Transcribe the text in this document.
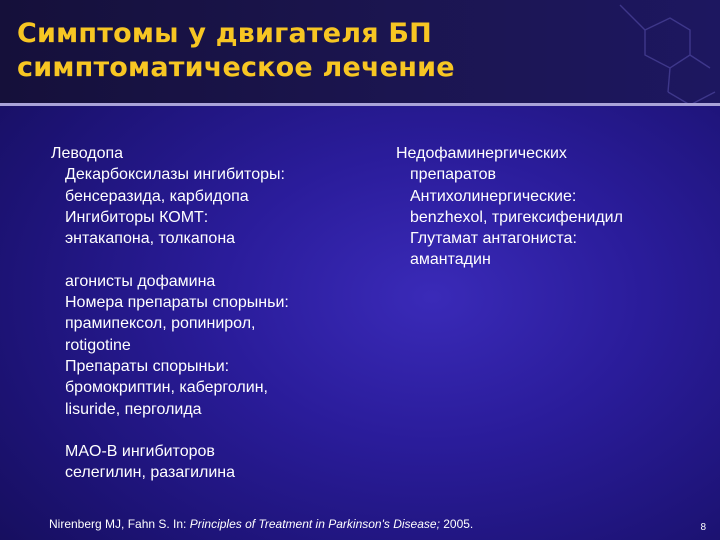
Симптомы у двигателя БП
симптоматическое лечение
Леводопа
Декарбоксилазы ингибиторы:
бенсеразида, карбидопа
Ингибиторы КОМТ:
энтакапона, толкапона
агонисты дофамина
Номера препараты спорыньи:
прамипексол, ропинирол,
rotigotine
Препараты спорыньи:
бромокриптин, каберголин,
lisuride, перголида
MAO-B ингибиторов
селегилин, разагилина
Недофаминергических
препаратов
Антихолинергические:
benzhexol, тригексифенидил
Глутамат антагониста:
амантадин
Nirenberg MJ, Fahn S. In: Principles of Treatment in Parkinson's Disease; 2005.	8
